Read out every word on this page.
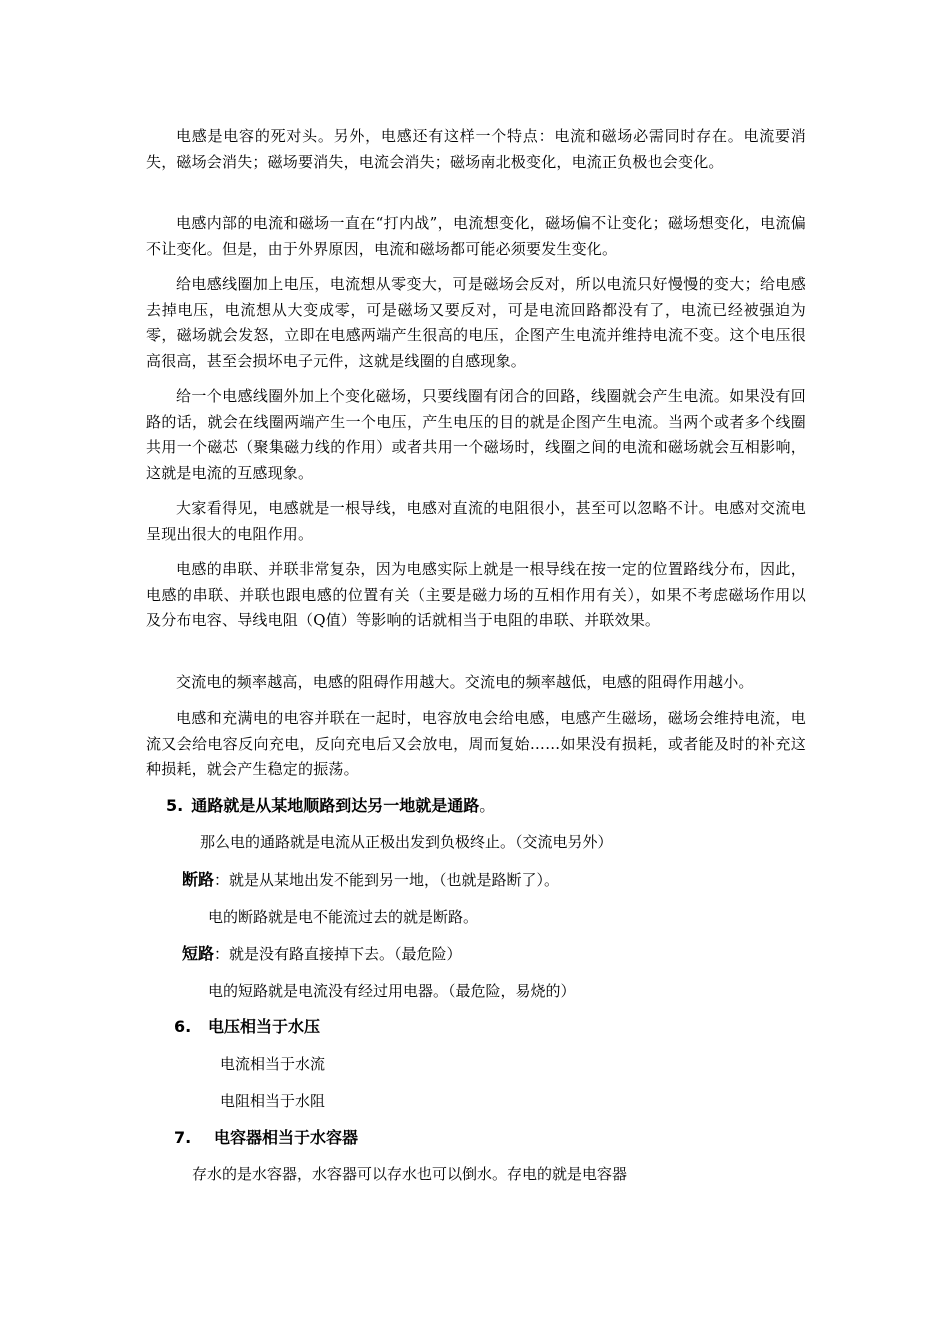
电感是电容的死对头。另外，电感还有这样一个特点：电流和磁场必需同时存在。电流要消失，磁场会消失；磁场要消失，电流会消失；磁场南北极变化，电流正负极也会变化。

电感内部的电流和磁场一直在“打内战”，电流想变化，磁场偏不让变化；磁场想变化，电流偏不让变化。但是，由于外界原因，电流和磁场都可能必须要发生变化。

给电感线圈加上电压，电流想从零变大，可是磁场会反对，所以电流只好慢慢的变大；给电感去掉电压，电流想从大变成零，可是磁场又要反对，可是电流回路都没有了，电流已经被强迫为零，磁场就会发怒，立即在电感两端产生很高的电压，企图产生电流并维持电流不变。这个电压很高很高，甚至会损坏电子元件，这就是线圈的自感现象。

给一个电感线圈外加上个变化磁场，只要线圈有闭合的回路，线圈就会产生电流。如果没有回路的话，就会在线圈两端产生一个电压，产生电压的目的就是企图产生电流。当两个或者多个线圈共用一个磁芯（聚集磁力线的作用）或者共用一个磁场时，线圈之间的电流和磁场就会互相影响，这就是电流的互感现象。

大家看得见，电感就是一根导线，电感对直流的电阻很小，甚至可以忽略不计。电感对交流电呈现出很大的电阻作用。

电感的串联、并联非常复杂，因为电感实际上就是一根导线在按一定的位置路线分布，因此，电感的串联、并联也跟电感的位置有关（主要是磁力场的互相作用有关），如果不考虑磁场作用以及分布电容、导线电阻（Q值）等影响的话就相当于电阻的串联、并联效果。

交流电的频率越高，电感的阻碍作用越大。交流电的频率越低，电感的阻碍作用越小。

电感和充满电的电容并联在一起时，电容放电会给电感，电感产生磁场，磁场会维持电流，电流又会给电容反向充电，反向充电后又会放电，周而复始……如果没有损耗，或者能及时的补充这种损耗，就会产生稳定的振荡。

5. 通路就是从某地顺路到达另一地就是通路。

那么电的通路就是电流从正极出发到负极终止。（交流电另外）

断路：就是从某地出发不能到另一地，（也就是路断了）。

电的断路就是电不能流过去的就是断路。

短路：就是没有路直接掉下去。（最危险）

电的短路就是电流没有经过用电器。（最危险，易烧的）

6. 电压相当于水压

电流相当于水流

电阻相当于水阻

7. 电容器相当于水容器

存水的是水容器，水容器可以存水也可以倒水。存电的就是电容器
